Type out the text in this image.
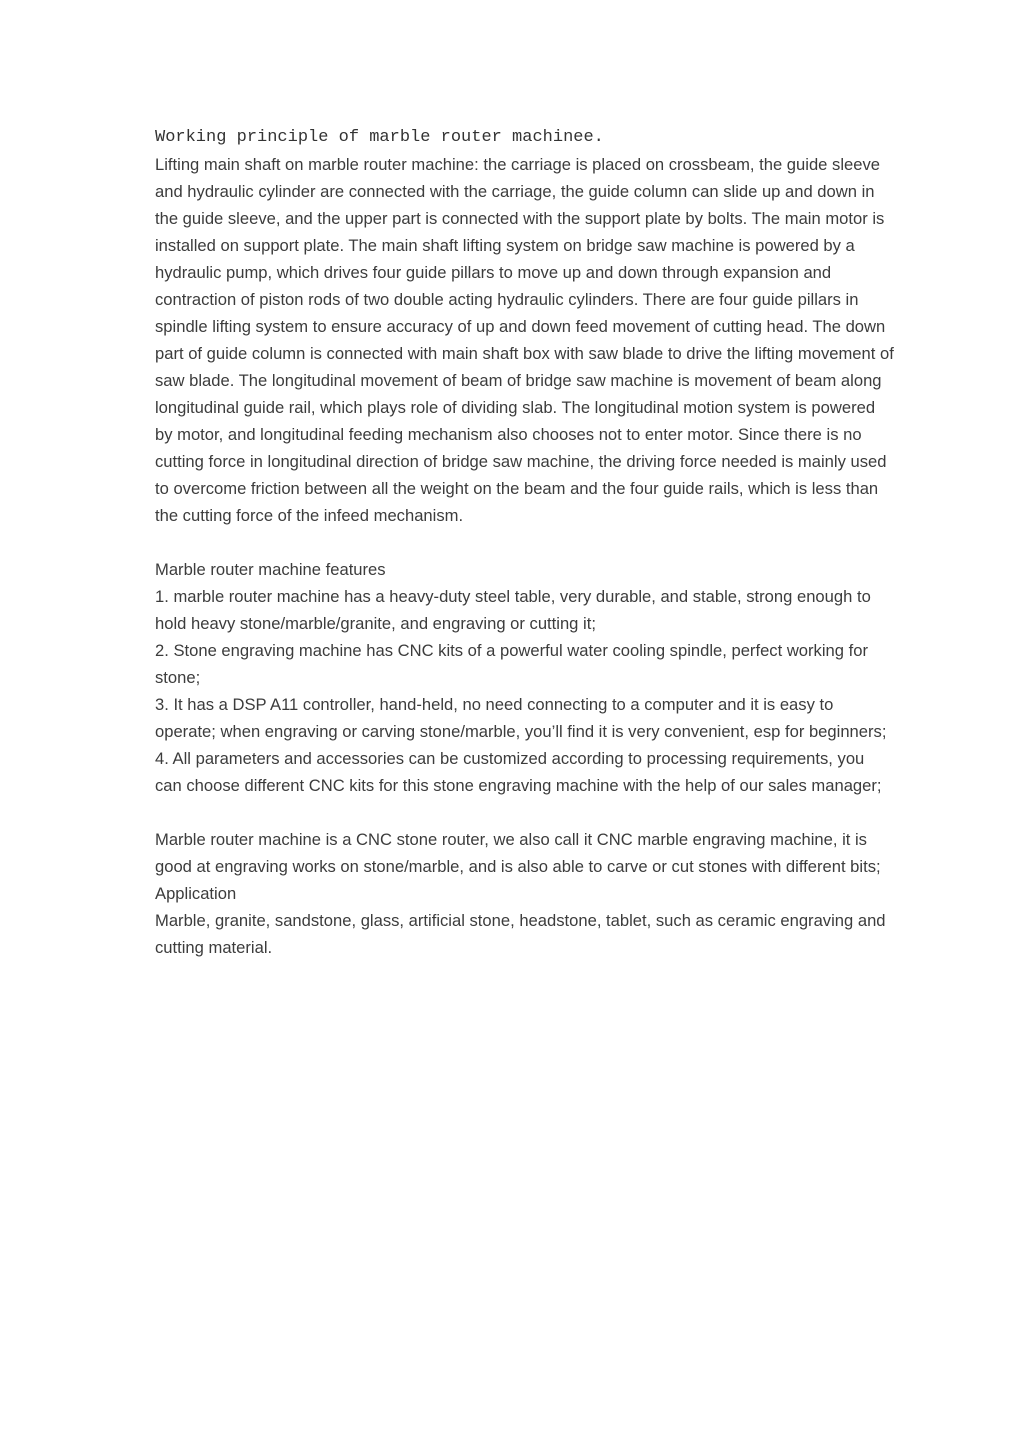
Working principle of marble router machinee.

Lifting main shaft on marble router machine: the carriage is placed on crossbeam, the guide sleeve and hydraulic cylinder are connected with the carriage, the guide column can slide up and down in the guide sleeve, and the upper part is connected with the support plate by bolts. The main motor is installed on support plate. The main shaft lifting system on bridge saw machine is powered by a hydraulic pump, which drives four guide pillars to move up and down through expansion and contraction of piston rods of two double acting hydraulic cylinders. There are four guide pillars in spindle lifting system to ensure accuracy of up and down feed movement of cutting head. The down part of guide column is connected with main shaft box with saw blade to drive the lifting movement of saw blade. The longitudinal movement of beam of bridge saw machine is movement of beam along longitudinal guide rail, which plays role of dividing slab. The longitudinal motion system is powered by motor, and longitudinal feeding mechanism also chooses not to enter motor. Since there is no cutting force in longitudinal direction of bridge saw machine, the driving force needed is mainly used to overcome friction between all the weight on the beam and the four guide rails, which is less than the cutting force of the infeed mechanism.

Marble router machine features

1. marble router machine has a heavy-duty steel table, very durable, and stable, strong enough to hold heavy stone/marble/granite, and engraving or cutting it;

2. Stone engraving machine has CNC kits of a powerful water cooling spindle, perfect working for stone;

3. It has a DSP A11 controller, hand-held, no need connecting to a computer and it is easy to operate; when engraving or carving stone/marble, you’ll find it is very convenient, esp for beginners;

4. All parameters and accessories can be customized according to processing requirements, you can choose different CNC kits for this stone engraving machine with the help of our sales manager;

Marble router machine is a CNC stone router, we also call it CNC marble engraving machine, it is good at engraving works on stone/marble, and is also able to carve or cut stones with different bits;

Application

Marble, granite, sandstone, glass, artificial stone, headstone, tablet, such as ceramic engraving and cutting material.
